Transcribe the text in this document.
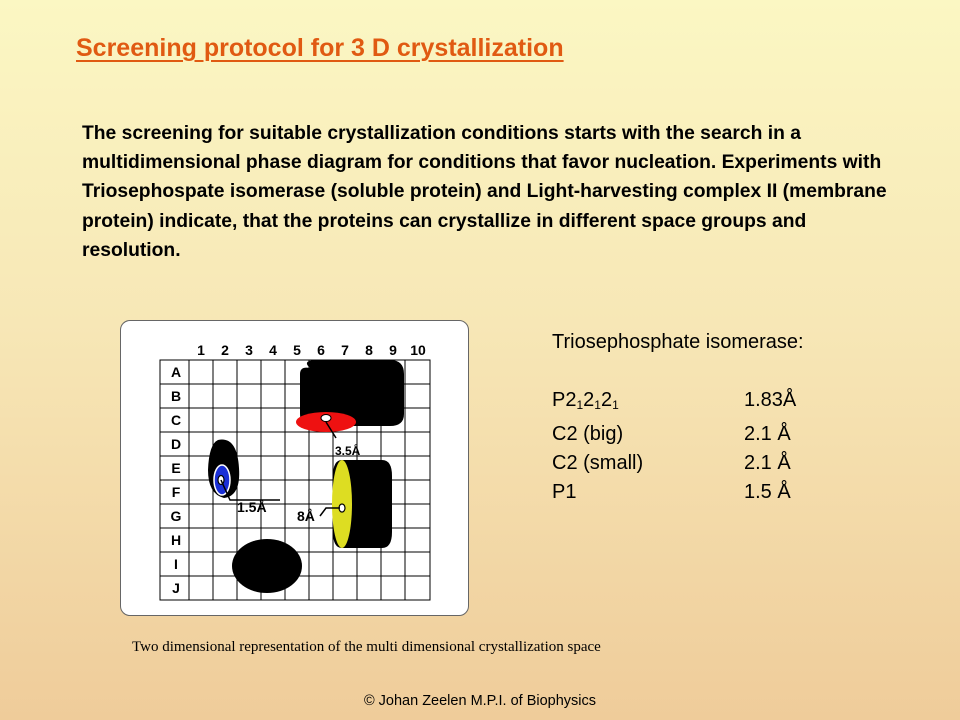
Screening protocol for 3 D crystallization
The screening for suitable crystallization conditions starts with the search in a multidimensional phase diagram for conditions that favor nucleation. Experiments with Triosephospate isomerase (soluble protein) and Light-harvesting complex II (membrane protein) indicate, that the proteins can crystallize in different space groups and resolution.
1 2 3 4 5 6 7 8 9 10
A
B
C
D
E
F
G
H
I
J
3.5Å
1.5Å
8Å
Two dimensional representation of the multi dimensional crystallization space
Triosephosphate isomerase:
$P2_12_12_1$	1.83Å
C2 (big)	2.1 Å
C2 (small)	2.1 Å
P1	1.5 Å
© Johan Zeelen M.P.I. of Biophysics
